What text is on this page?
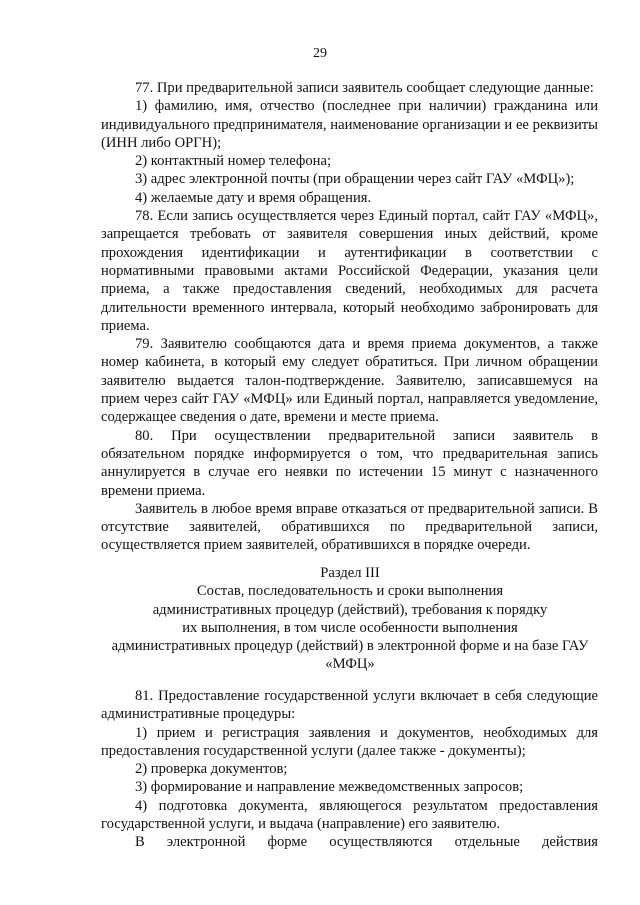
29

77. При предварительной записи заявитель сообщает следующие данные:

1) фамилию, имя, отчество (последнее при наличии) гражданина или индивидуального предпринимателя, наименование организации и ее реквизиты (ИНН либо ОРГН);

2) контактный номер телефона;

3) адрес электронной почты (при обращении через сайт ГАУ «МФЦ»);

4) желаемые дату и время обращения.

78. Если запись осуществляется через Единый портал, сайт ГАУ «МФЦ», запрещается требовать от заявителя совершения иных действий, кроме прохождения идентификации и аутентификации в соответствии с нормативными правовыми актами Российской Федерации, указания цели приема, а также предоставления сведений, необходимых для расчета длительности временного интервала, который необходимо забронировать для приема.

79. Заявителю сообщаются дата и время приема документов, а также номер кабинета, в который ему следует обратиться. При личном обращении заявителю выдается талон-подтверждение. Заявителю, записавшемуся на прием через сайт ГАУ «МФЦ» или Единый портал, направляется уведомление, содержащее сведения о дате, времени и месте приема.

80. При осуществлении предварительной записи заявитель в обязательном порядке информируется о том, что предварительная запись аннулируется в случае его неявки по истечении 15 минут с назначенного времени приема.

Заявитель в любое время вправе отказаться от предварительной записи. В отсутствие заявителей, обратившихся по предварительной записи, осуществляется прием заявителей, обратившихся в порядке очереди.

Раздел III

Состав, последовательность и сроки выполнения

административных процедур (действий), требования к порядку

их выполнения, в том числе особенности выполнения

административных процедур (действий) в электронной форме и на базе ГАУ

«МФЦ»

81. Предоставление государственной услуги включает в себя следующие административные процедуры:

1) прием и регистрация заявления и документов, необходимых для предоставления государственной услуги (далее также - документы);

2) проверка документов;

3) формирование и направление межведомственных запросов;

4) подготовка документа, являющегося результатом предоставления государственной услуги, и выдача (направление) его заявителю.

В электронной форме осуществляются отдельные действия
